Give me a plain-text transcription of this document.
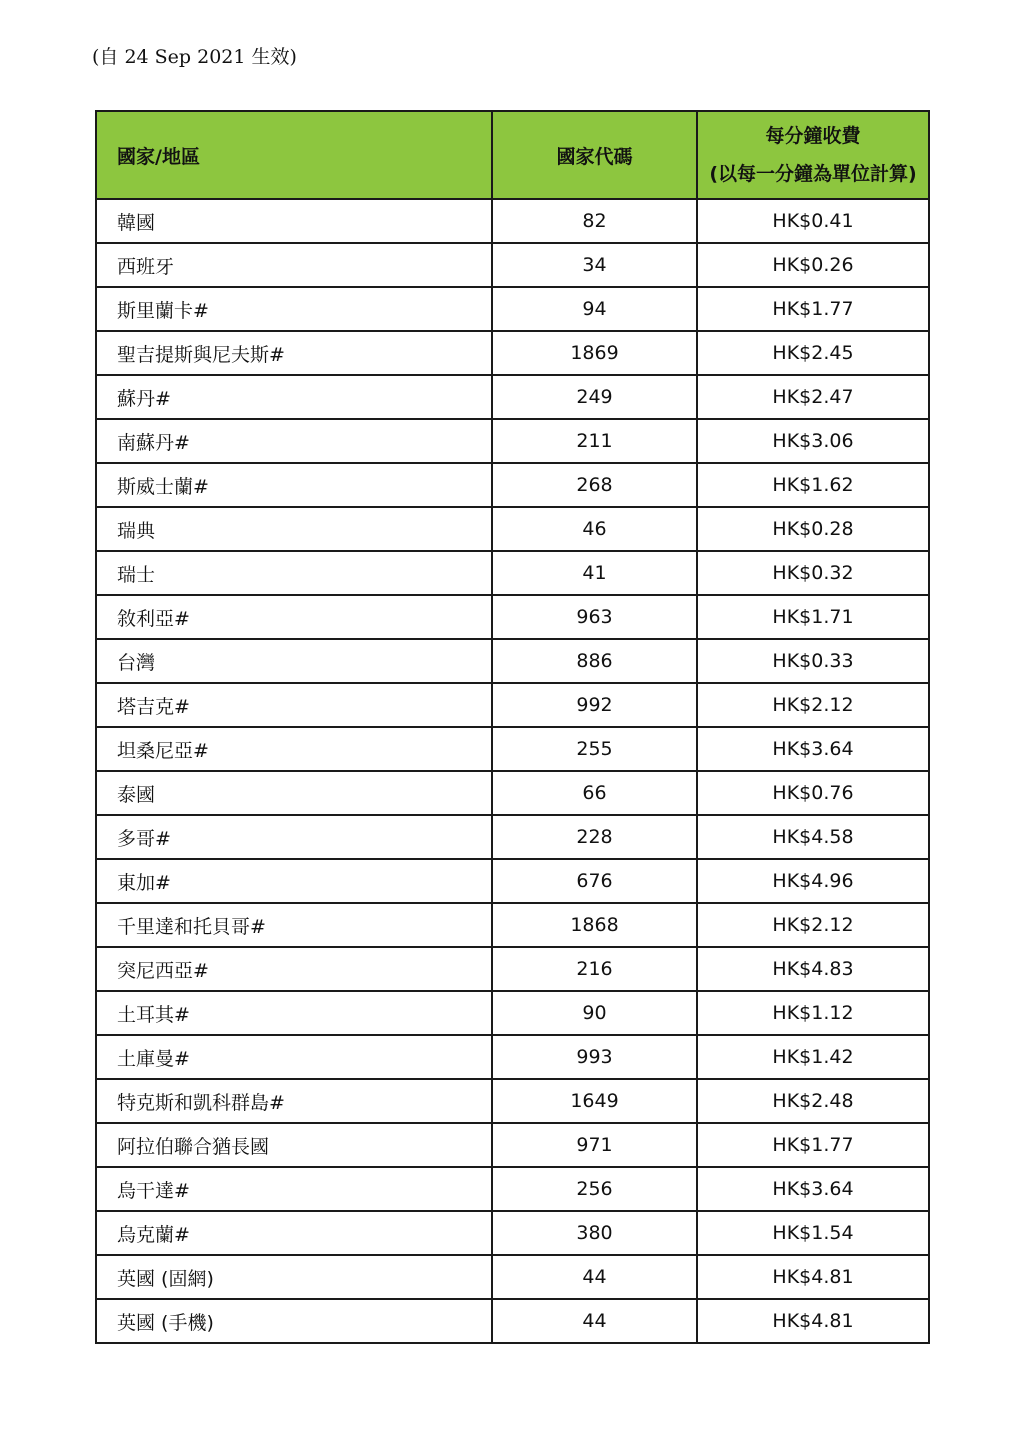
(自 24 Sep 2021 生效)
國家/地區	國家代碼	每分鐘收費
(以每一分鐘為單位計算)

韓國	82	HK$0.41
西班牙	34	HK$0.26
斯里蘭卡#	94	HK$1.77
聖吉提斯與尼夫斯#	1869	HK$2.45
蘇丹#	249	HK$2.47
南蘇丹#	211	HK$3.06
斯威士蘭#	268	HK$1.62
瑞典	46	HK$0.28
瑞士	41	HK$0.32
敘利亞#	963	HK$1.71
台灣	886	HK$0.33
塔吉克#	992	HK$2.12
坦桑尼亞#	255	HK$3.64
泰國	66	HK$0.76
多哥#	228	HK$4.58
東加#	676	HK$4.96
千里達和托貝哥#	1868	HK$2.12
突尼西亞#	216	HK$4.83
土耳其#	90	HK$1.12
土庫曼#	993	HK$1.42
特克斯和凱科群島#	1649	HK$2.48
阿拉伯聯合猶長國	971	HK$1.77
烏干達#	256	HK$3.64
烏克蘭#	380	HK$1.54
英國 (固網)	44	HK$4.81
英國 (手機)	44	HK$4.81
